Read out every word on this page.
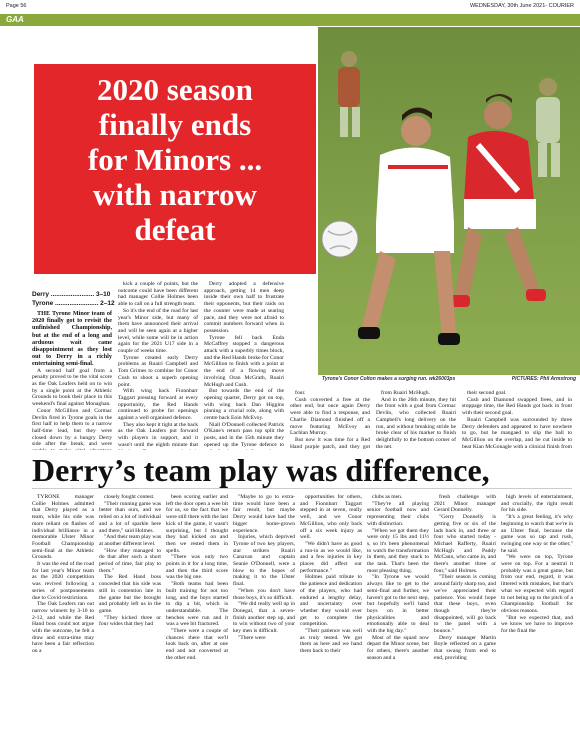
Page 56	WEDNESDAY, 30th June 2021- COURIER
GAA
2020 season
finally ends
for Minors ...
with narrow
defeat
Tyrone's Conor Colton makes a surging run. wk26003ps	PICTURES: Phil Armstrong
Derry ........................ 3–10
Tyrone ........................ 2–12

THE Tyrone Minor team of 2020 finally got to revisit the unfinished Championship, but at the end of a long and arduous wait came disappointment as they lost out to Derry in a richly entertaining semi-final.

A second half goal from a penalty proved to be the vital score as the Oak Leafers held on to win by a single point at the Athletic Grounds to book their place in this weekend's final against Monaghan.

Conor McGillion and Cormac Devlin fired in Tyrone goals in the first half to help them to a narrow half-time lead, but they were closed down by a hungry Derry side after the break, and were

kick a couple of points, but the outcome could have been different had manager Collie Holmes been able to call on a full strength team.

So it's the end of the road for last year's Minor side, but many of them have announced their arrival and will be seen again at a higher level, while some will be in action again for the 2021 U17 side in a couple of weeks time.

Tyrone created early Derry problems as Ruairi Campbell and Tom Grimes to combine for Conor Cush to shoot a superb opening point.

With wing back Fionnbarr Taggart pressing forward at every opportunity, the Red Hands continued to probe for openings against a well organised defence.

They also kept it tight at the back as the Oak Leafers put forward with players in support, and it wasn't until the eighth minute that

Derry adopted a defensive approach, getting 14 men deep inside their own half to frustrate their opponents, but their raids on the counter were made at searing pace, and they were not afraid to commit numbers forward when in possession.

Tyrone fell back Enda McCaffrey stopped a dangerous attack with a superbly times block, and the Red Hands broke for Conor McGillion to finish with a point at the end of a flowing move involving Oran McGrath, Ruairi McHugh and Cush.

But towards the end of the opening quarter, Derry got on top, with wing back Dan Higgins pinning a crucial role, along with centre back Eoin McEvoy.

Niall O'Donnell collected Patrick O'Kane's return pass top split the posts, and in the 15th minute they opened up the Tyrone defence to

four.

Cush converted a free at the other end, but once again Derry were able to find a response, and Charlie Diamond finished off a move featuring McEvoy an Lachlan Murray.

But now it was time for a Red Hand purple patch, and they got

from Ruairi McHugh.

And in the 26th minute, they hit the front with a goal from Cormac Devlin, who collected Ruairi Campbell's long delivery on the run, and without breaking stride he broke clear of his marker to finish delightfully to the bottom corner of the net.

their second goal.

Cush and Diamond swapped frees, and in stoppage time, the Red Hands got back in front with their second goal.

Ruairi Campbell was surrounded by three Derry defenders and appeared to have nowhere to go, but he mangaed to slip the ball to McGillion on the overlap, and he cut inside to beat Kian McGonagle with a clinical finish from

Derry’s team play was difference,

TYRONE manager Collie Holmes admitted that Derry played as a team, while his side was more reliant on flashes of individual brilliance in a memorable Ulster Minor Football Championship semi-final at the Athletic Grounds.

It was the end of the road for last year's Minor team as the 2020 competition was revived following a series of postponements due to Covid restrictions.

The Oak Leafers ran out narrow winners by 3-10 to 2-12, and while the Red Hand boss could not argue with the outcome, he felt a draw and extra-time may have been a fair reflection on a

closely fought contest.

"Their running game was better than ours, and we relied on a lot of individual and a lot of sparkle here and there," said Holmes.

"And their team play was at another different level.

"How they managed to do that after such a short period of time, fair play to them."

The Red Hand boss conceded that his side was still in contention late in the game but the brought and probably left us in the game.

"They kicked three or four wides that they had

been scoring earlier and left the door open a wee bit for us, so the fact that we were still there with the last kick of the game, it wasn't surprising, but I thought they had kicked on and then we rested them in spells.

"There was only two points in it for a long time, and then the third score was the big one.

"Both teams had been built training for not too long, and the boys started to dip a bit, which is understandable. The benches were run and it was a wee bit fractured.

"There were a couple of chances there that we'll look back on, after at one end and not converted at the other end.

"Maybe to go to extra-time would have been a fair result, but maybe Derry would have had the bigger home-grown experience.

Injuries, which deprived Tyrone of two key players, star strikers Ruairi Canavan and captain Seanie O'Donnell, were a blow to the hopes of making it to the Ulster final.

"When you don't have those boys, it's so difficult.

"We did really well up in Donegal, that a seven-finish another step up, and to win without two of your key men is difficult.

"There were

opportunities for others, and Fionnbarr Taggart stepped in at seven, really well, and we Conor McGillion, who only back off a six week injury as well.

"We didn't have as good a run-in as we would like, and a few injuries in key places did affect our performance."

Holmes paid tribute to the patience and dedication of the players, who had endured a lengthy delay, and uncertainty over whether they would ever get to complete the competition.

"Their patience was well as truly tested. We got them as here and we hand them back to their

clubs as men.

"They're all playing senior football now and representing their clubs with distinction.

"When we got them they were only 15 lbs and 11½ s, so it's been phenomenal to watch the transformation in them, and they stuck to the task. That's been the most pleasing thing.

"In Tyrone we would always like to get to the semi-final and further, we haven't got to the next step, but hopefully we'll hand boys on in better physicalities and emotionally able to deal with the big day."

Most of the squad now depart the Minor scene, but for others, there's another season and a

fresh challenge with 2021 Minor manager Gerard Donnelly.

"Gerry Donnelly is getting five or six of the lads back in, and three or four who started today - Michael Rafferty, Ruairi McHugh and Paddy McCann, who came in, and there's another three or four," said Holmes.

"Their season is coming around fairly sharp too, and we've appreciated their patience. You would hope that these boys, even though they're disappointed, will go back to the panel with a bounce."

Derry manager Martin Boyle reflected on a game that swung from end to end, providing

high levels of entertainment, and crucially, the right result for his side.

"It's a great feeling, it's why beginning to watch that we're in an Ulster final, because the game was so tap and rush, swinging one way or the other," he said.

"We were on top, Tyrone were on top. For a neutral it probably was a great game, but from our end, regard, it was littered with mistakes, but that's what we expected with regard to not being up to the pitch of a Championship football for obvious reasons.

"But we expected that, and we know we have to improve for the final the
